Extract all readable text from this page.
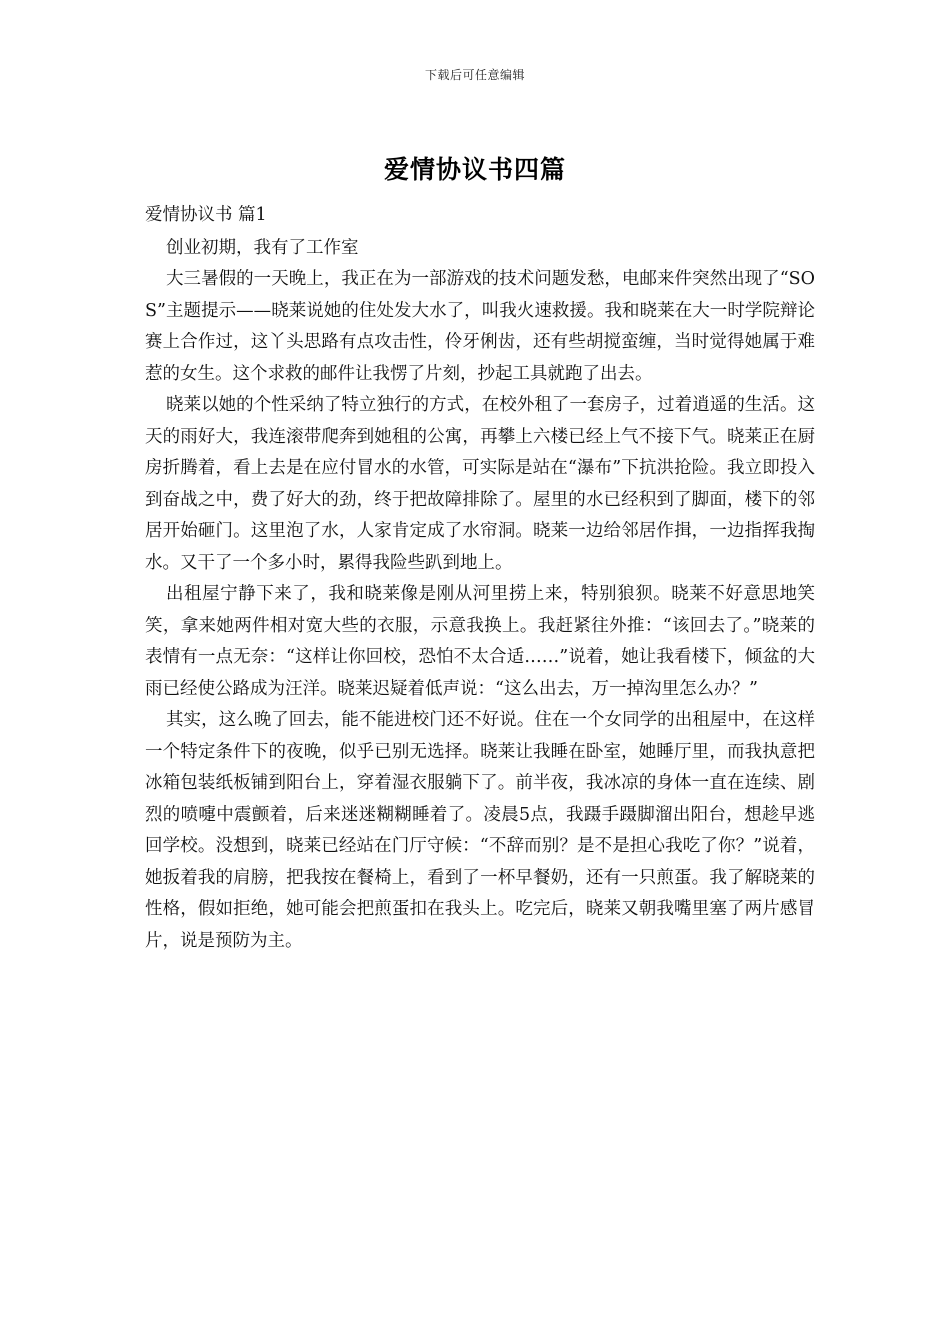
下载后可任意编辑
爱情协议书四篇

爱情协议书 篇1

创业初期，我有了工作室

大三暑假的一天晚上，我正在为一部游戏的技术问题发愁，电邮来件突然出现了“SOS”主题提示——晓莱说她的住处发大水了，叫我火速救援。我和晓莱在大一时学院辩论赛上合作过，这丫头思路有点攻击性，伶牙俐齿，还有些胡搅蛮缠，当时觉得她属于难惹的女生。这个求救的邮件让我愣了片刻，抄起工具就跑了出去。

晓莱以她的个性采纳了特立独行的方式，在校外租了一套房子，过着逍遥的生活。这天的雨好大，我连滚带爬奔到她租的公寓，再攀上六楼已经上气不接下气。晓莱正在厨房折腾着，看上去是在应付冒水的水管，可实际是站在“瀑布”下抗洪抢险。我立即投入到奋战之中，费了好大的劲，终于把故障排除了。屋里的水已经积到了脚面，楼下的邻居开始砸门。这里泡了水，人家肯定成了水帘洞。晓莱一边给邻居作揖，一边指挥我掏水。又干了一个多小时，累得我险些趴到地上。

出租屋宁静下来了，我和晓莱像是刚从河里捞上来，特别狼狈。晓莱不好意思地笑笑，拿来她两件相对宽大些的衣服，示意我换上。我赶紧往外推：“该回去了。”晓莱的表情有一点无奈：“这样让你回校，恐怕不太合适……”说着，她让我看楼下，倾盆的大雨已经使公路成为汪洋。晓莱迟疑着低声说：“这么出去，万一掉沟里怎么办？”

其实，这么晚了回去，能不能进校门还不好说。住在一个女同学的出租屋中，在这样一个特定条件下的夜晚，似乎已别无选择。晓莱让我睡在卧室，她睡厅里，而我执意把冰箱包装纸板铺到阳台上，穿着湿衣服躺下了。前半夜，我冰凉的身体一直在连续、剧烈的喷嚏中震颤着，后来迷迷糊糊睡着了。凌晨5点，我蹑手蹑脚溜出阳台，想趁早逃回学校。没想到，晓莱已经站在门厅守候：“不辞而别？是不是担心我吃了你？”说着，她扳着我的肩膀，把我按在餐椅上，看到了一杯早餐奶，还有一只煎蛋。我了解晓莱的性格，假如拒绝，她可能会把煎蛋扣在我头上。吃完后，晓莱又朝我嘴里塞了两片感冒片，说是预防为主。
